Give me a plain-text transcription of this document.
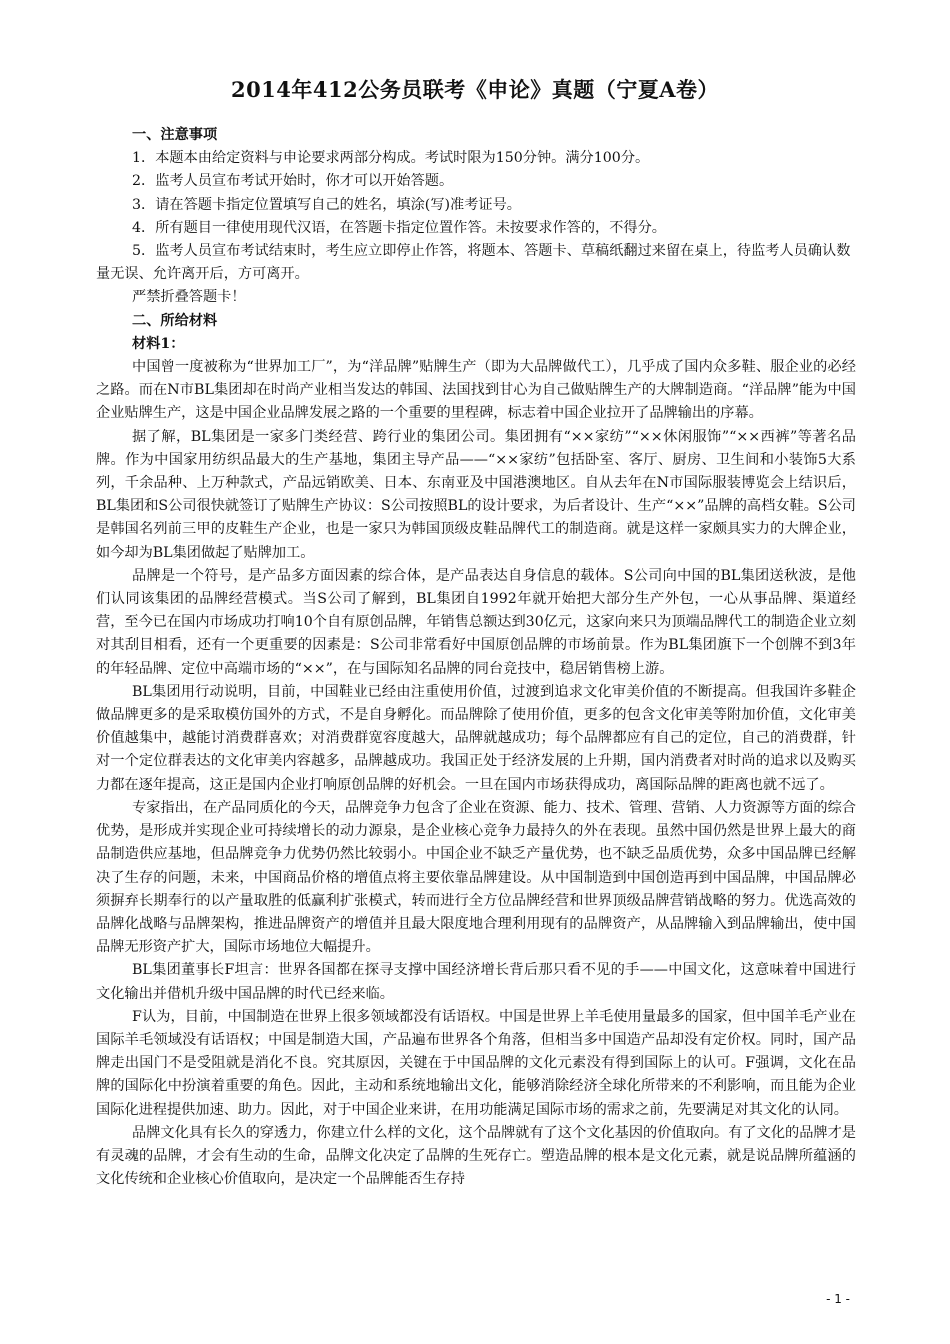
2014年412公务员联考《申论》真题（宁夏A卷）

一、注意事项

1．本题本由给定资料与申论要求两部分构成。考试时限为150分钟。满分100分。

2．监考人员宣布考试开始时，你才可以开始答题。

3．请在答题卡指定位置填写自己的姓名，填涂(写)准考证号。

4．所有题目一律使用现代汉语，在答题卡指定位置作答。未按要求作答的，不得分。

5．监考人员宣布考试结束时，考生应立即停止作答，将题本、答题卡、草稿纸翻过来留在桌上，待监考人员确认数量无误、允许离开后，方可离开。

严禁折叠答题卡！

二、所给材料

材料1：

中国曾一度被称为“世界加工厂”，为“洋品牌”贴牌生产（即为大品牌做代工），几乎成了国内众多鞋、服企业的必经之路。而在N市BL集团却在时尚产业相当发达的韩国、法国找到甘心为自己做贴牌生产的大牌制造商。“洋品牌”能为中国企业贴牌生产，这是中国企业品牌发展之路的一个重要的里程碑，标志着中国企业拉开了品牌输出的序幕。

据了解，BL集团是一家多门类经营、跨行业的集团公司。集团拥有“××家纺”“××休闲服饰”“××西裤”等著名品牌。作为中国家用纺织品最大的生产基地，集团主导产品——“××家纺”包括卧室、客厅、厨房、卫生间和小装饰5大系列，千余品种、上万种款式，产品远销欧美、日本、东南亚及中国港澳地区。自从去年在N市国际服装博览会上结识后，BL集团和S公司很快就签订了贴牌生产协议：S公司按照BL的设计要求，为后者设计、生产“××”品牌的高档女鞋。S公司是韩国名列前三甲的皮鞋生产企业，也是一家只为韩国顶级皮鞋品牌代工的制造商。就是这样一家颇具实力的大牌企业，如今却为BL集团做起了贴牌加工。

品牌是一个符号，是产品多方面因素的综合体，是产品表达自身信息的载体。S公司向中国的BL集团送秋波，是他们认同该集团的品牌经营模式。当S公司了解到，BL集团自1992年就开始把大部分生产外包，一心从事品牌、渠道经营，至今已在国内市场成功打响10个自有原创品牌，年销售总额达到30亿元，这家向来只为顶端品牌代工的制造企业立刻对其刮目相看，还有一个更重要的因素是：S公司非常看好中国原创品牌的市场前景。作为BL集团旗下一个创牌不到3年的年轻品牌、定位中高端市场的“××”，在与国际知名品牌的同台竞技中，稳居销售榜上游。

BL集团用行动说明，目前，中国鞋业已经由注重使用价值，过渡到追求文化审美价值的不断提高。但我国许多鞋企做品牌更多的是采取模仿国外的方式，不是自身孵化。而品牌除了使用价值，更多的包含文化审美等附加价值，文化审美价值越集中，越能讨消费群喜欢；对消费群宽容度越大，品牌就越成功；每个品牌都应有自己的定位，自己的消费群，针对一个定位群表达的文化审美内容越多，品牌越成功。我国正处于经济发展的上升期，国内消费者对时尚的追求以及购买力都在逐年提高，这正是国内企业打响原创品牌的好机会。一旦在国内市场获得成功，离国际品牌的距离也就不远了。

专家指出，在产品同质化的今天，品牌竞争力包含了企业在资源、能力、技术、管理、营销、人力资源等方面的综合优势，是形成并实现企业可持续增长的动力源泉，是企业核心竞争力最持久的外在表现。虽然中国仍然是世界上最大的商品制造供应基地，但品牌竞争力优势仍然比较弱小。中国企业不缺乏产量优势，也不缺乏品质优势，众多中国品牌已经解决了生存的问题，未来，中国商品价格的增值点将主要依靠品牌建设。从中国制造到中国创造再到中国品牌，中国品牌必须摒弃长期奉行的以产量取胜的低赢利扩张模式，转而进行全方位品牌经营和世界顶级品牌营销战略的努力。优选高效的品牌化战略与品牌架构，推进品牌资产的增值并且最大限度地合理利用现有的品牌资产，从品牌输入到品牌输出，使中国品牌无形资产扩大，国际市场地位大幅提升。

BL集团董事长F坦言：世界各国都在探寻支撑中国经济增长背后那只看不见的手——中国文化，这意味着中国进行文化输出并借机升级中国品牌的时代已经来临。

F认为，目前，中国制造在世界上很多领域都没有话语权。中国是世界上羊毛使用量最多的国家，但中国羊毛产业在国际羊毛领域没有话语权；中国是制造大国，产品遍布世界各个角落，但相当多中国造产品却没有定价权。同时，国产品牌走出国门不是受阻就是消化不良。究其原因，关键在于中国品牌的文化元素没有得到国际上的认可。F强调，文化在品牌的国际化中扮演着重要的角色。因此，主动和系统地输出文化，能够消除经济全球化所带来的不利影响，而且能为企业国际化进程提供加速、助力。因此，对于中国企业来讲，在用功能满足国际市场的需求之前，先要满足对其文化的认同。

品牌文化具有长久的穿透力，你建立什么样的文化，这个品牌就有了这个文化基因的价值取向。有了文化的品牌才是有灵魂的品牌，才会有生动的生命，品牌文化决定了品牌的生死存亡。塑造品牌的根本是文化元素，就是说品牌所蕴涵的文化传统和企业核心价值取向，是决定一个品牌能否生存持

- 1 -
